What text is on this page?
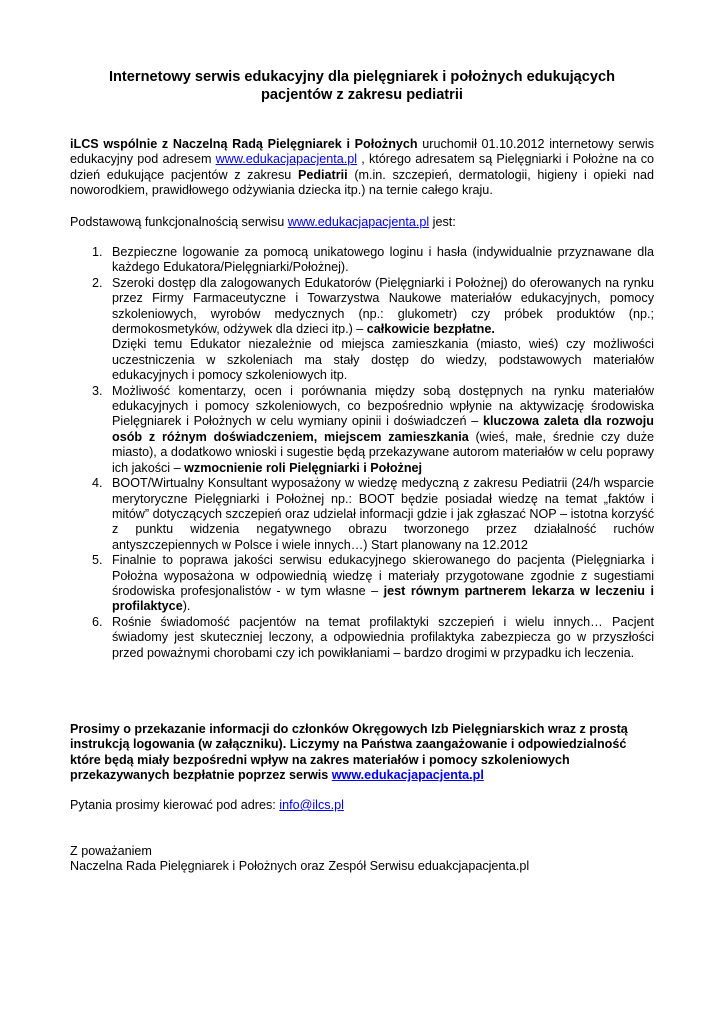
Internetowy serwis edukacyjny dla pielęgniarek i położnych edukujących
pacjentów z zakresu pediatrii
iLCS wspólnie z Naczelną Radą Pielęgniarek i Położnych uruchomił 01.10.2012 internetowy serwis edukacyjny pod adresem www.edukacjapacjenta.pl , którego adresatem są Pielęgniarki i Położne na co dzień edukujące pacjentów z zakresu Pediatrii (m.in. szczepień, dermatologii, higieny i opieki nad noworodkiem, prawidłowego odżywiania dziecka itp.) na ternie całego kraju.
Podstawową funkcjonalnością serwisu www.edukacjapacjenta.pl jest:
1. Bezpieczne logowanie za pomocą unikatowego loginu i hasła (indywidualnie przyznawane dla każdego Edukatora/Pielęgniarki/Położnej).
2. Szeroki dostęp dla zalogowanych Edukatorów (Pielęgniarki i Położnej) do oferowanych na rynku przez Firmy Farmaceutyczne i Towarzystwa Naukowe materiałów edukacyjnych, pomocy szkoleniowych, wyrobów medycznych (np.: glukometr) czy próbek produktów (np.; dermokosmetyków, odżywek dla dzieci itp.) – całkowicie bezpłatne.
Dzięki temu Edukator niezależnie od miejsca zamieszkania (miasto, wieś) czy możliwości uczestniczenia w szkoleniach ma stały dostęp do wiedzy, podstawowych materiałów edukacyjnych i pomocy szkoleniowych itp.
3. Możliwość komentarzy, ocen i porównania między sobą dostępnych na rynku materiałów edukacyjnych i pomocy szkoleniowych, co bezpośrednio wpłynie na aktywizację środowiska Pielęgniarek i Położnych w celu wymiany opinii i doświadczeń – kluczowa zaleta dla rozwoju osób z różnym doświadczeniem, miejscem zamieszkania (wieś, małe, średnie czy duże miasto), a dodatkowo wnioski i sugestie będą przekazywane autorom materiałów w celu poprawy ich jakości – wzmocnienie roli Pielęgniarki i Położnej
4. BOOT/Wirtualny Konsultant wyposażony w wiedzę medyczną z zakresu Pediatrii (24/h wsparcie merytoryczne Pielęgniarki i Położnej np.: BOOT będzie posiadał wiedzę na temat „faktów i mitów” dotyczących szczepień oraz udzielał informacji gdzie i jak zgłaszać NOP – istotna korzyść z punktu widzenia negatywnego obrazu tworzonego przez działalność ruchów antyszczepiennych w Polsce i wiele innych…) Start planowany na 12.2012
5. Finalnie to poprawa jakości serwisu edukacyjnego skierowanego do pacjenta (Pielęgniarka i Położna wyposażona w odpowiednią wiedzę i materiały przygotowane zgodnie z sugestiami środowiska profesjonalistów - w tym własne – jest równym partnerem lekarza w leczeniu i profilaktyce).
6. Rośnie świadomość pacjentów na temat profilaktyki szczepień i wielu innych… Pacjent świadomy jest skuteczniej leczony, a odpowiednia profilaktyka zabezpiecza go w przyszłości przed poważnymi chorobami czy ich powikłaniami – bardzo drogimi w przypadku ich leczenia.
Prosimy o przekazanie informacji do członków Okręgowych Izb Pielęgniarskich wraz z prostą instrukcją logowania (w załączniku). Liczymy na Państwa zaangażowanie i odpowiedzialność które będą miały bezpośredni wpływ na zakres materiałów i pomocy szkoleniowych przekazywanych bezpłatnie poprzez serwis www.edukacjapacjenta.pl
Pytania prosimy kierować pod adres: info@ilcs.pl
Z poważaniem
Naczelna Rada Pielęgniarek i Położnych oraz Zespół Serwisu eduakcjapacjenta.pl
